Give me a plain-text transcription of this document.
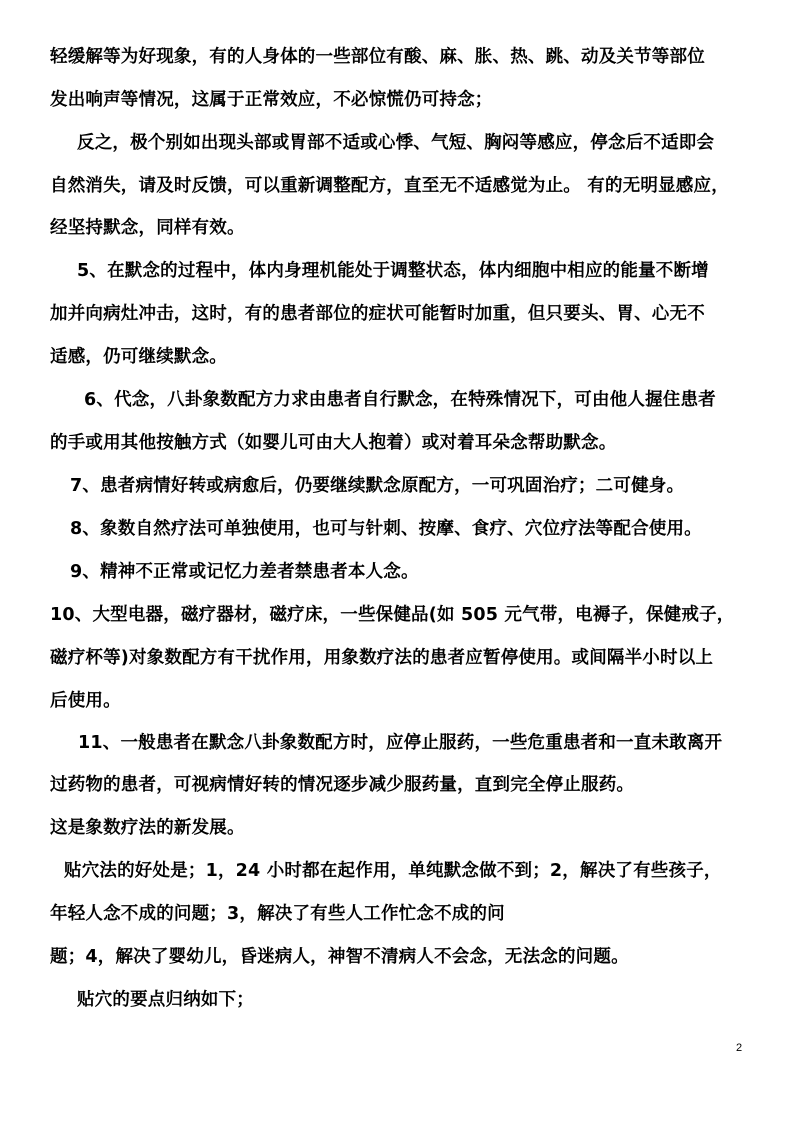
轻缓解等为好现象，有的人身体的一些部位有酸、麻、胀、热、跳、动及关节等部位
发出响声等情况，这属于正常效应，不必惊慌仍可持念；
反之，极个别如出现头部或胃部不适或心悸、气短、胸闷等感应，停念后不适即会
自然消失，请及时反馈，可以重新调整配方，直至无不适感觉为止。 有的无明显感应，
经坚持默念，同样有效。
5、在默念的过程中，体内身理机能处于调整状态，体内细胞中相应的能量不断增
加并向病灶冲击，这时，有的患者部位的症状可能暂时加重，但只要头、胃、心无不
适感，仍可继续默念。
6、代念，八卦象数配方力求由患者自行默念，在特殊情况下，可由他人握住患者
的手或用其他按触方式（如婴儿可由大人抱着）或对着耳朵念帮助默念。
7、患者病情好转或病愈后，仍要继续默念原配方，一可巩固治疗；二可健身。
8、象数自然疗法可单独使用，也可与针刺、按摩、食疗、穴位疗法等配合使用。
9、精神不正常或记忆力差者禁患者本人念。
10、大型电器，磁疗器材，磁疗床，一些保健品(如 505 元气带，电褥子，保健戒子，
磁疗杯等)对象数配方有干扰作用，用象数疗法的患者应暂停使用。或间隔半小时以上
后使用。
11、一般患者在默念八卦象数配方时，应停止服药，一些危重患者和一直未敢离开
过药物的患者，可视病情好转的情况逐步减少服药量，直到完全停止服药。
这是象数疗法的新发展。
贴穴法的好处是；1，24 小时都在起作用，单纯默念做不到；2，解决了有些孩子，
年轻人念不成的问题；3，解决了有些人工作忙念不成的问
题；4，解决了婴幼儿，昏迷病人，神智不清病人不会念，无法念的问题。
贴穴的要点归纳如下；
2
